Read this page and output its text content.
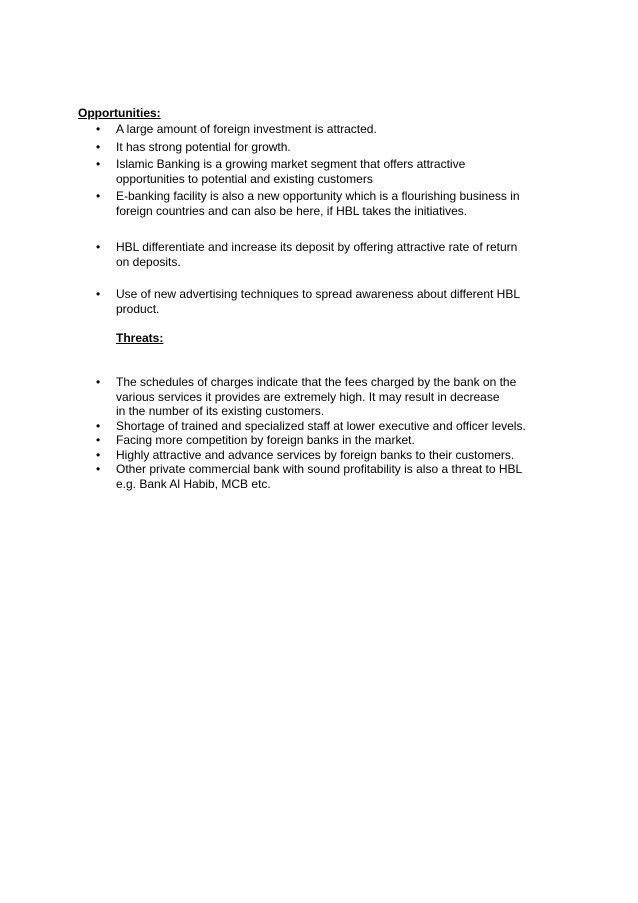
Opportunities:
• A large amount of foreign investment is attracted.
• It has strong potential for growth.
• Islamic Banking is a growing market segment that offers attractive
opportunities to potential and existing customers
• E-banking facility is also a new opportunity which is a flourishing business in
foreign countries and can also be here, if HBL takes the initiatives.
• HBL differentiate and increase its deposit by offering attractive rate of return
on deposits.
• Use of new advertising techniques to spread awareness about different HBL
product.
Threats:
• The schedules of charges indicate that the fees charged by the bank on the
various services it provides are extremely high. It may result in decrease
in the number of its existing customers.
• Shortage of trained and specialized staff at lower executive and officer levels.
• Facing more competition by foreign banks in the market.
• Highly attractive and advance services by foreign banks to their customers.
• Other private commercial bank with sound profitability is also a threat to HBL
e.g. Bank Al Habib, MCB etc.
